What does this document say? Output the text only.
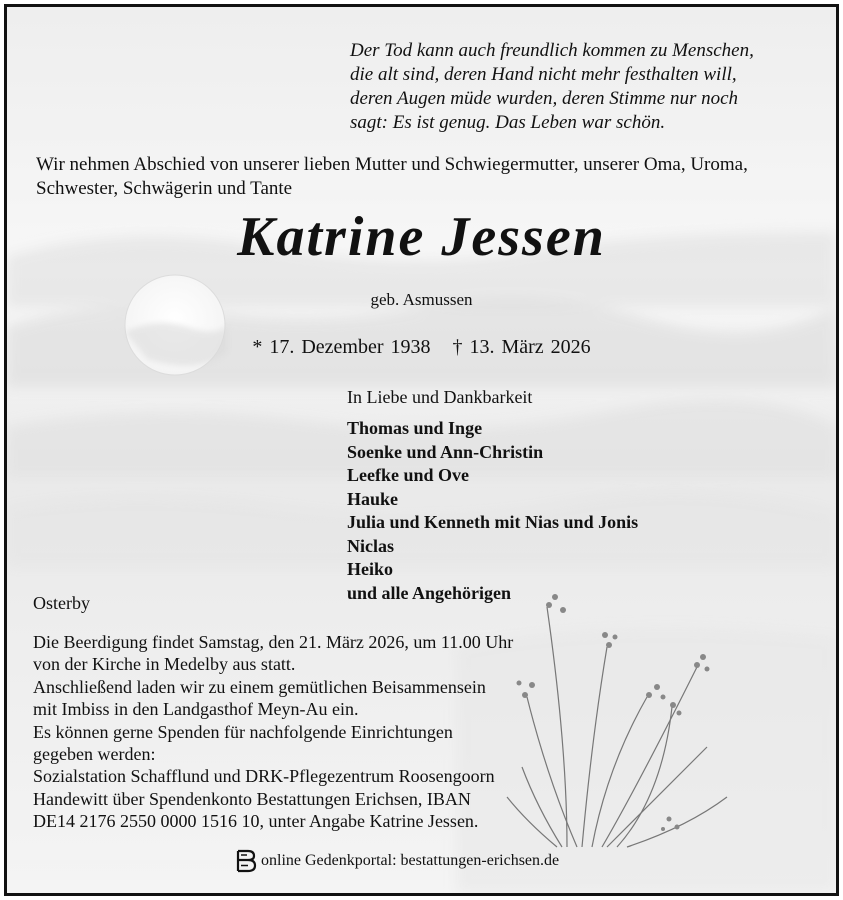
Der Tod kann auch freundlich kommen zu Menschen,
die alt sind, deren Hand nicht mehr festhalten will,
deren Augen müde wurden, deren Stimme nur noch
sagt: Es ist genug. Das Leben war schön.
Wir nehmen Abschied von unserer lieben Mutter und Schwiegermutter, unserer Oma, Uroma,
Schwester, Schwägerin und Tante
Katrine Jessen
geb. Asmussen
* 17. Dezember 1938 † 13. März 2026
In Liebe und Dankbarkeit
Thomas und Inge
Soenke und Ann-Christin
Leefke und Ove
Hauke
Julia und Kenneth mit Nias und Jonis
Niclas
Heiko
und alle Angehörigen
Osterby
Die Beerdigung findet Samstag, den 21. März 2026, um 11.00 Uhr
von der Kirche in Medelby aus statt.
Anschließend laden wir zu einem gemütlichen Beisammensein
mit Imbiss in den Landgasthof Meyn-Au ein.
Es können gerne Spenden für nachfolgende Einrichtungen
gegeben werden:
Sozialstation Schafflund und DRK-Pflegezentrum Roosengoorn
Handewitt über Spendenkonto Bestattungen Erichsen, IBAN
DE14 2176 2550 0000 1516 10, unter Angabe Katrine Jessen.
online Gedenkportal: bestattungen-erichsen.de
